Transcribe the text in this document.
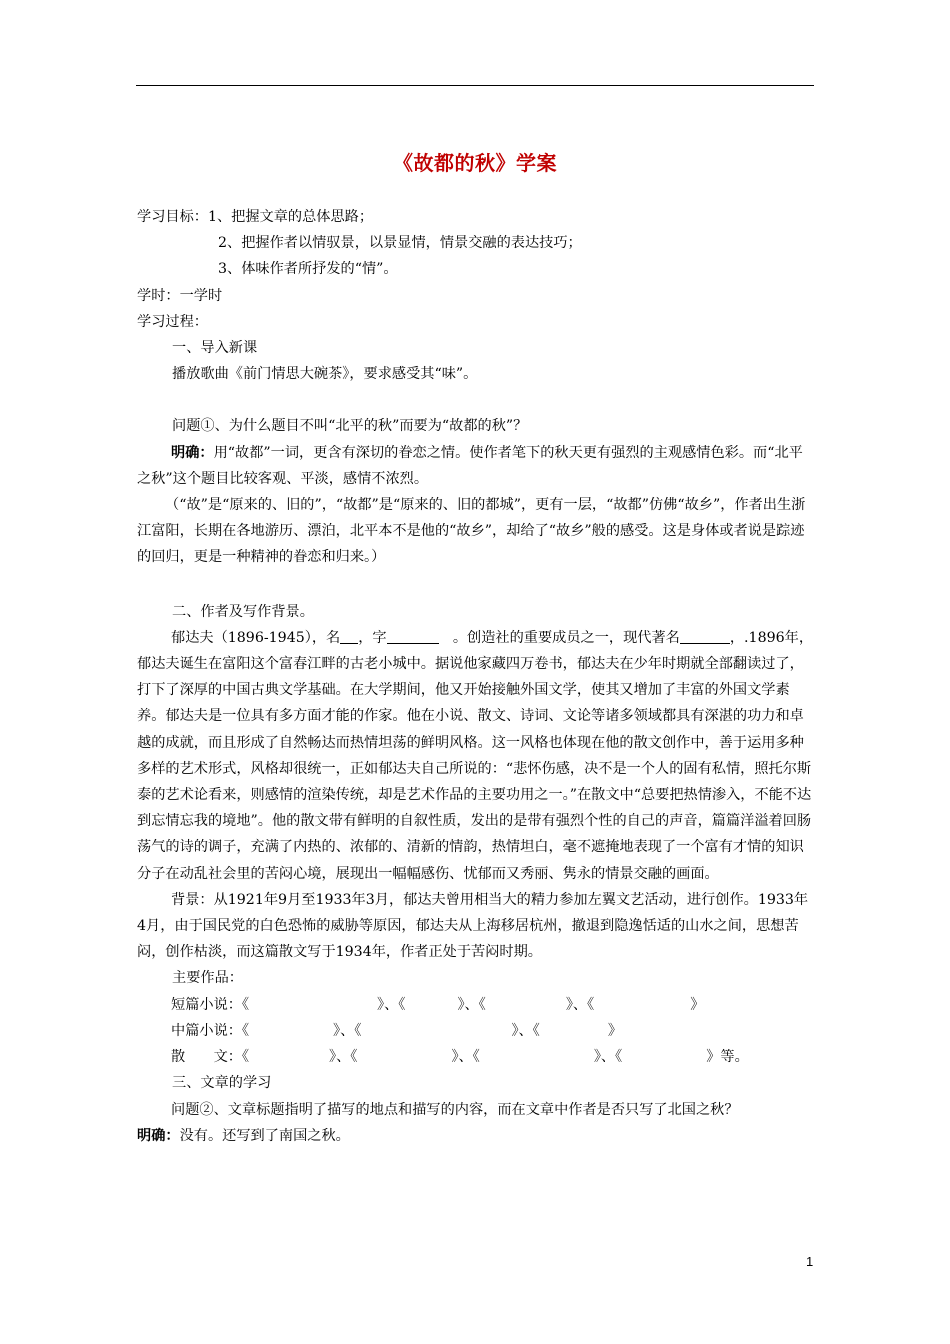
《故都的秋》学案

学习目标：1、把握文章的总体思路；

2、把握作者以情驭景，以景显情，情景交融的表达技巧；

3、体味作者所抒发的“情”。

学时：一学时

学习过程：

一、导入新课

播放歌曲《前门情思大碗茶》，要求感受其“味”。

问题①、为什么题目不叫“北平的秋”而要为“故都的秋”？

明确：用“故都”一词，更含有深切的眷恋之情。使作者笔下的秋天更有强烈的主观感情色彩。而“北平之秋”这个题目比较客观、平淡，感情不浓烈。

（“故”是“原来的、旧的”，“故都”是“原来的、旧的都城”，更有一层，“故都”仿佛“故乡”，作者出生浙江富阳，长期在各地游历、漂泊，北平本不是他的“故乡”，却给了“故乡”般的感受。这是身体或者说是踪迹的回归，更是一种精神的眷恋和归来。）

二、作者及写作背景。

郁达夫（1896-1945），名 ，字　	。创造社的重要成员之一，现代著名	，.1896年，郁达夫诞生在富阳这个富春江畔的古老小城中。据说他家藏四万卷书，郁达夫在少年时期就全部翻读过了，打下了深厚的中国古典文学基础。在大学期间，他又开始接触外国文学，使其又增加了丰富的外国文学素养。郁达夫是一位具有多方面才能的作家。他在小说、散文、诗词、文论等诸多领域都具有深湛的功力和卓越的成就，而且形成了自然畅达而热情坦荡的鲜明风格。这一风格也体现在他的散文创作中，善于运用多种多样的艺术形式，风格却很统一，正如郁达夫自己所说的：“悲怀伤感，决不是一个人的固有私情，照托尔斯泰的艺术论看来，则感情的渲染传统，却是艺术作品的主要功用之一。”在散文中“总要把热情渗入，不能不达到忘情忘我的境地”。他的散文带有鲜明的自叙性质，发出的是带有强烈个性的自己的声音，篇篇洋溢着回肠荡气的诗的调子，充满了内热的、浓郁的、清新的情韵，热情坦白，毫不遮掩地表现了一个富有才情的知识分子在动乱社会里的苦闷心境，展现出一幅幅感伤、忧郁而又秀丽、隽永的情景交融的画面。

背景：从1921年9月至1933年3月，郁达夫曾用相当大的精力参加左翼文艺活动，进行创作。1933年4月，由于国民党的白色恐怖的威胁等原因，郁达夫从上海移居杭州，撤退到隐逸恬适的山水之间，思想苦闷，创作枯淡，而这篇散文写于1934年，作者正处于苦闷时期。

主要作品：

短篇小说：《	》、《	》、《	》、《	》

中篇小说：《	》、《	》、《	》

散　　文：《	》、《	》、《	》、《	》等。

三、文章的学习

问题②、文章标题指明了描写的地点和描写的内容，而在文章中作者是否只写了北国之秋？

明确：没有。还写到了南国之秋。

1
